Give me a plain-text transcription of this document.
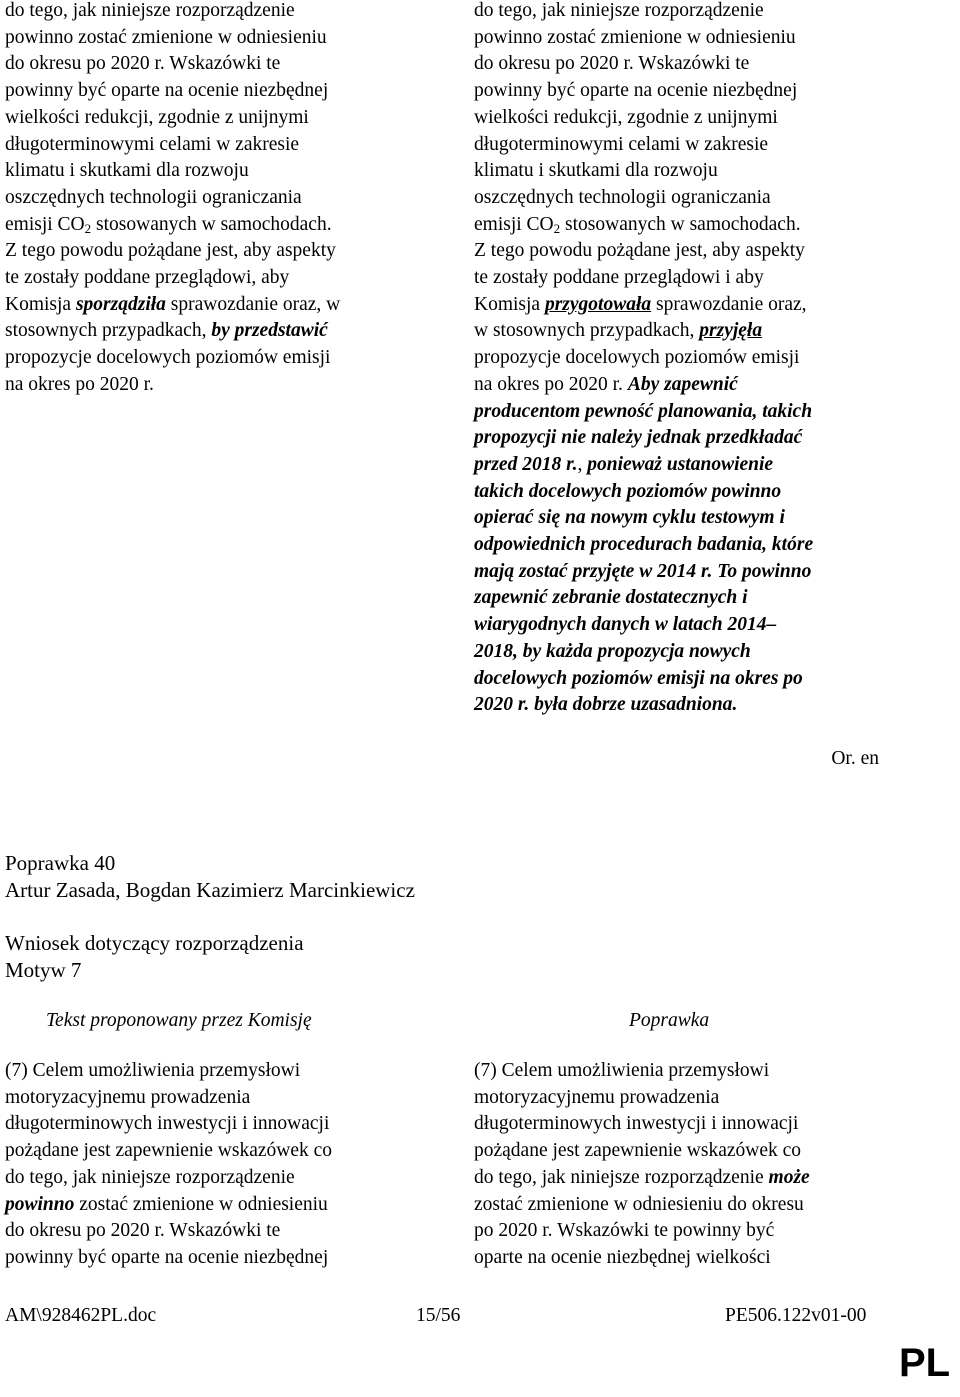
do tego, jak niniejsze rozporządzenie
powinno zostać zmienione w odniesieniu
do okresu po 2020 r. Wskazówki te
powinny być oparte na ocenie niezbędnej
wielkości redukcji, zgodnie z unijnymi
długoterminowymi celami w zakresie
klimatu i skutkami dla rozwoju
oszczędnych technologii ograniczania
emisji $CO_2$ stosowanych w samochodach.
Z tego powodu pożądane jest, aby aspekty
te zostały poddane przeglądowi, aby
Komisja sporządziła sprawozdanie oraz, w
stosownych przypadkach, by przedstawić
propozycje docelowych poziomów emisji
na okres po 2020 r.
do tego, jak niniejsze rozporządzenie
powinno zostać zmienione w odniesieniu
do okresu po 2020 r. Wskazówki te
powinny być oparte na ocenie niezbędnej
wielkości redukcji, zgodnie z unijnymi
długoterminowymi celami w zakresie
klimatu i skutkami dla rozwoju
oszczędnych technologii ograniczania
emisji $CO_2$ stosowanych w samochodach.
Z tego powodu pożądane jest, aby aspekty
te zostały poddane przeglądowi i aby
Komisja przygotowała sprawozdanie oraz,
w stosownych przypadkach, przyjęła
propozycje docelowych poziomów emisji
na okres po 2020 r. Aby zapewnić
producentom pewność planowania, takich
propozycji nie należy jednak przedkładać
przed 2018 r., ponieważ ustanowienie
takich docelowych poziomów powinno
opierać się na nowym cyklu testowym i
odpowiednich procedurach badania, które
mają zostać przyjęte w 2014 r. To powinno
zapewnić zebranie dostatecznych i
wiarygodnych danych w latach 2014–
2018, by każda propozycja nowych
docelowych poziomów emisji na okres po
2020 r. była dobrze uzasadniona.
Or. en
Poprawka 40
Artur Zasada, Bogdan Kazimierz Marcinkiewicz
Wniosek dotyczący rozporządzenia
Motyw 7
Tekst proponowany przez Komisję	Poprawka
(7) Celem umożliwienia przemysłowi
motoryzacyjnemu prowadzenia
długoterminowych inwestycji i innowacji
pożądane jest zapewnienie wskazówek co
do tego, jak niniejsze rozporządzenie
powinno zostać zmienione w odniesieniu
do okresu po 2020 r. Wskazówki te
powinny być oparte na ocenie niezbędnej
(7) Celem umożliwienia przemysłowi
motoryzacyjnemu prowadzenia
długoterminowych inwestycji i innowacji
pożądane jest zapewnienie wskazówek co
do tego, jak niniejsze rozporządzenie może
zostać zmienione w odniesieniu do okresu
po 2020 r. Wskazówki te powinny być
oparte na ocenie niezbędnej wielkości
AM\928462PL.doc	15/56	PE506.122v01-00
PL
